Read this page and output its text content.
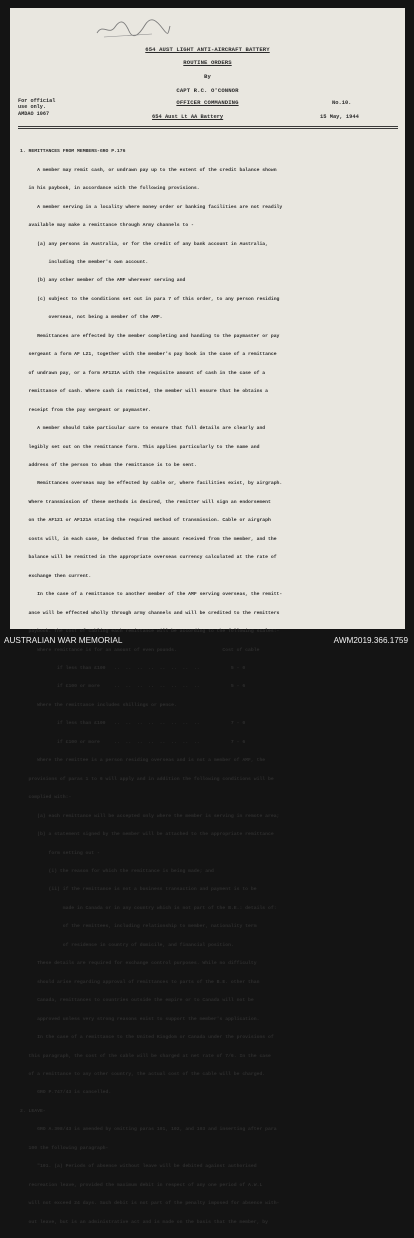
654 AUST LIGHT ANTI-AIRCRAFT BATTERY
ROUTINE ORDERS
By
CAPT R.C. O'CONNOR
OFFICER COMMANDING
For official
use only.
AMDAO 1067
No.10.
654 Aust Lt AA Battery	15 May, 1944

1. REMITTANCES FROM MEMBERS-GRO P.176

A member may remit cash, or undrawn pay up to the extent of the credit balance shown

in his paybook, in accordance with the following provisions.

A member serving in a locality where money order or banking facilities are not readily

available may make a remittance through Army channels to -

(a) any persons in Australia, or for the credit of any bank account in Australia,

including the member's own account.

(b) any other member of the AMF wherever serving and

(c) subject to the conditions set out in para 7 of this order, to any person residing

overseas, not being a member of the AMF.

Remittances are effected by the member completing and handing to the paymaster or pay

sergeant a form AF L21, together with the member's pay book in the case of a remittance

of undrawn pay, or a form AF121A with the requisite amount of cash in the case of a

remittance of cash. Where cash is remitted, the member will ensure that he obtains a

receipt from the pay sergeant or paymaster.

A member should take particular care to ensure that full details are clearly and

legibly set out on the remittance form. This applies particularly to the name and

address of the person to whom the remittance is to be sent.

Remittances overseas may be effected by cable or, where facilities exist, by airgraph.

Where transmission of these methods is desired, the remitter will sign an endorsement

on the AF121 or AF121A stating the required method of transmission. Cable or airgraph

costs will, in each case, be deducted from the amount received from the member, and the

balance will be remitted in the appropriate overseas currency calculated at the rate of

exchange then current.

In the case of a remittance to another member of the AMF serving overseas, the remitt-

ance will be effected wholly through army channels and will be credited to the remitters

paybook. The cost of cabling each remittance will be according to the following scales:-

Where remittance is for an amount of even pounds.                Cost of cable

if less than £100   ..  ..  ..  ..  ..  ..  ..  ..           5 - 0

if £100 or more     ..  ..  ..  ..  ..  ..  ..  ..           5 - 6

Where the remittance includes shillings or pence.

if less than £100   ..  ..  ..  ..  ..  ..  ..  ..           7 - 0

if £100 or more     ..  ..  ..  ..  ..  ..  ..  ..           7 - 6

Where the remittee is a person residing overseas and is not a member of AMF, the

provisions of paras 1 to 6 will apply and in addition the following conditions will be

complied with:-

(a) each remittance will be accepted only where the member is serving in remote area;

(b) a statement signed by the member will be attached to the appropriate remittance

form setting out -

(i) the reason for which the remittance is being made; and

(ii) if the remittance is not a business transaction and payment is to be

made in Canada or in any country which is not part of the B.E.: details of:

of the remittees, including relationship to member, nationality term

of residence in country of domicile, and financial position.

These details are required for exchange control purposes. While no difficulty

should arise regarding approval of remittances to parts of the B.E. other than

Canada, remittances to countries outside the empire or to Canada will not be

approved unless very strong reasons exist to support the member's application.

In the case of a remittance to the United Kingdom or Canada under the provisions of

this paragraph, the cost of the cable will be charged at net rate of 7/6. In the case

of a remittance to any other country, the actual cost of the cable will be charged.

GRO P.747/43 is cancelled.

2. LEAVE-

GRO A.398/43 is amended by omitting paras 101, 102, and 103 and inserting after para

100 the following paragraph-

"101. (a) Periods of absence without leave will be debited against authorised

recreation leave, provided the maximum debit in respect of any one period of A.W.L

will not exceed 24 days. Such debit is not part of the penalty imposed for absence with-

out leave, but is an administrative act and is made on the basis that the member, by

AUSTRALIAN WAR MEMORIAL	AWM2019.366.1759
